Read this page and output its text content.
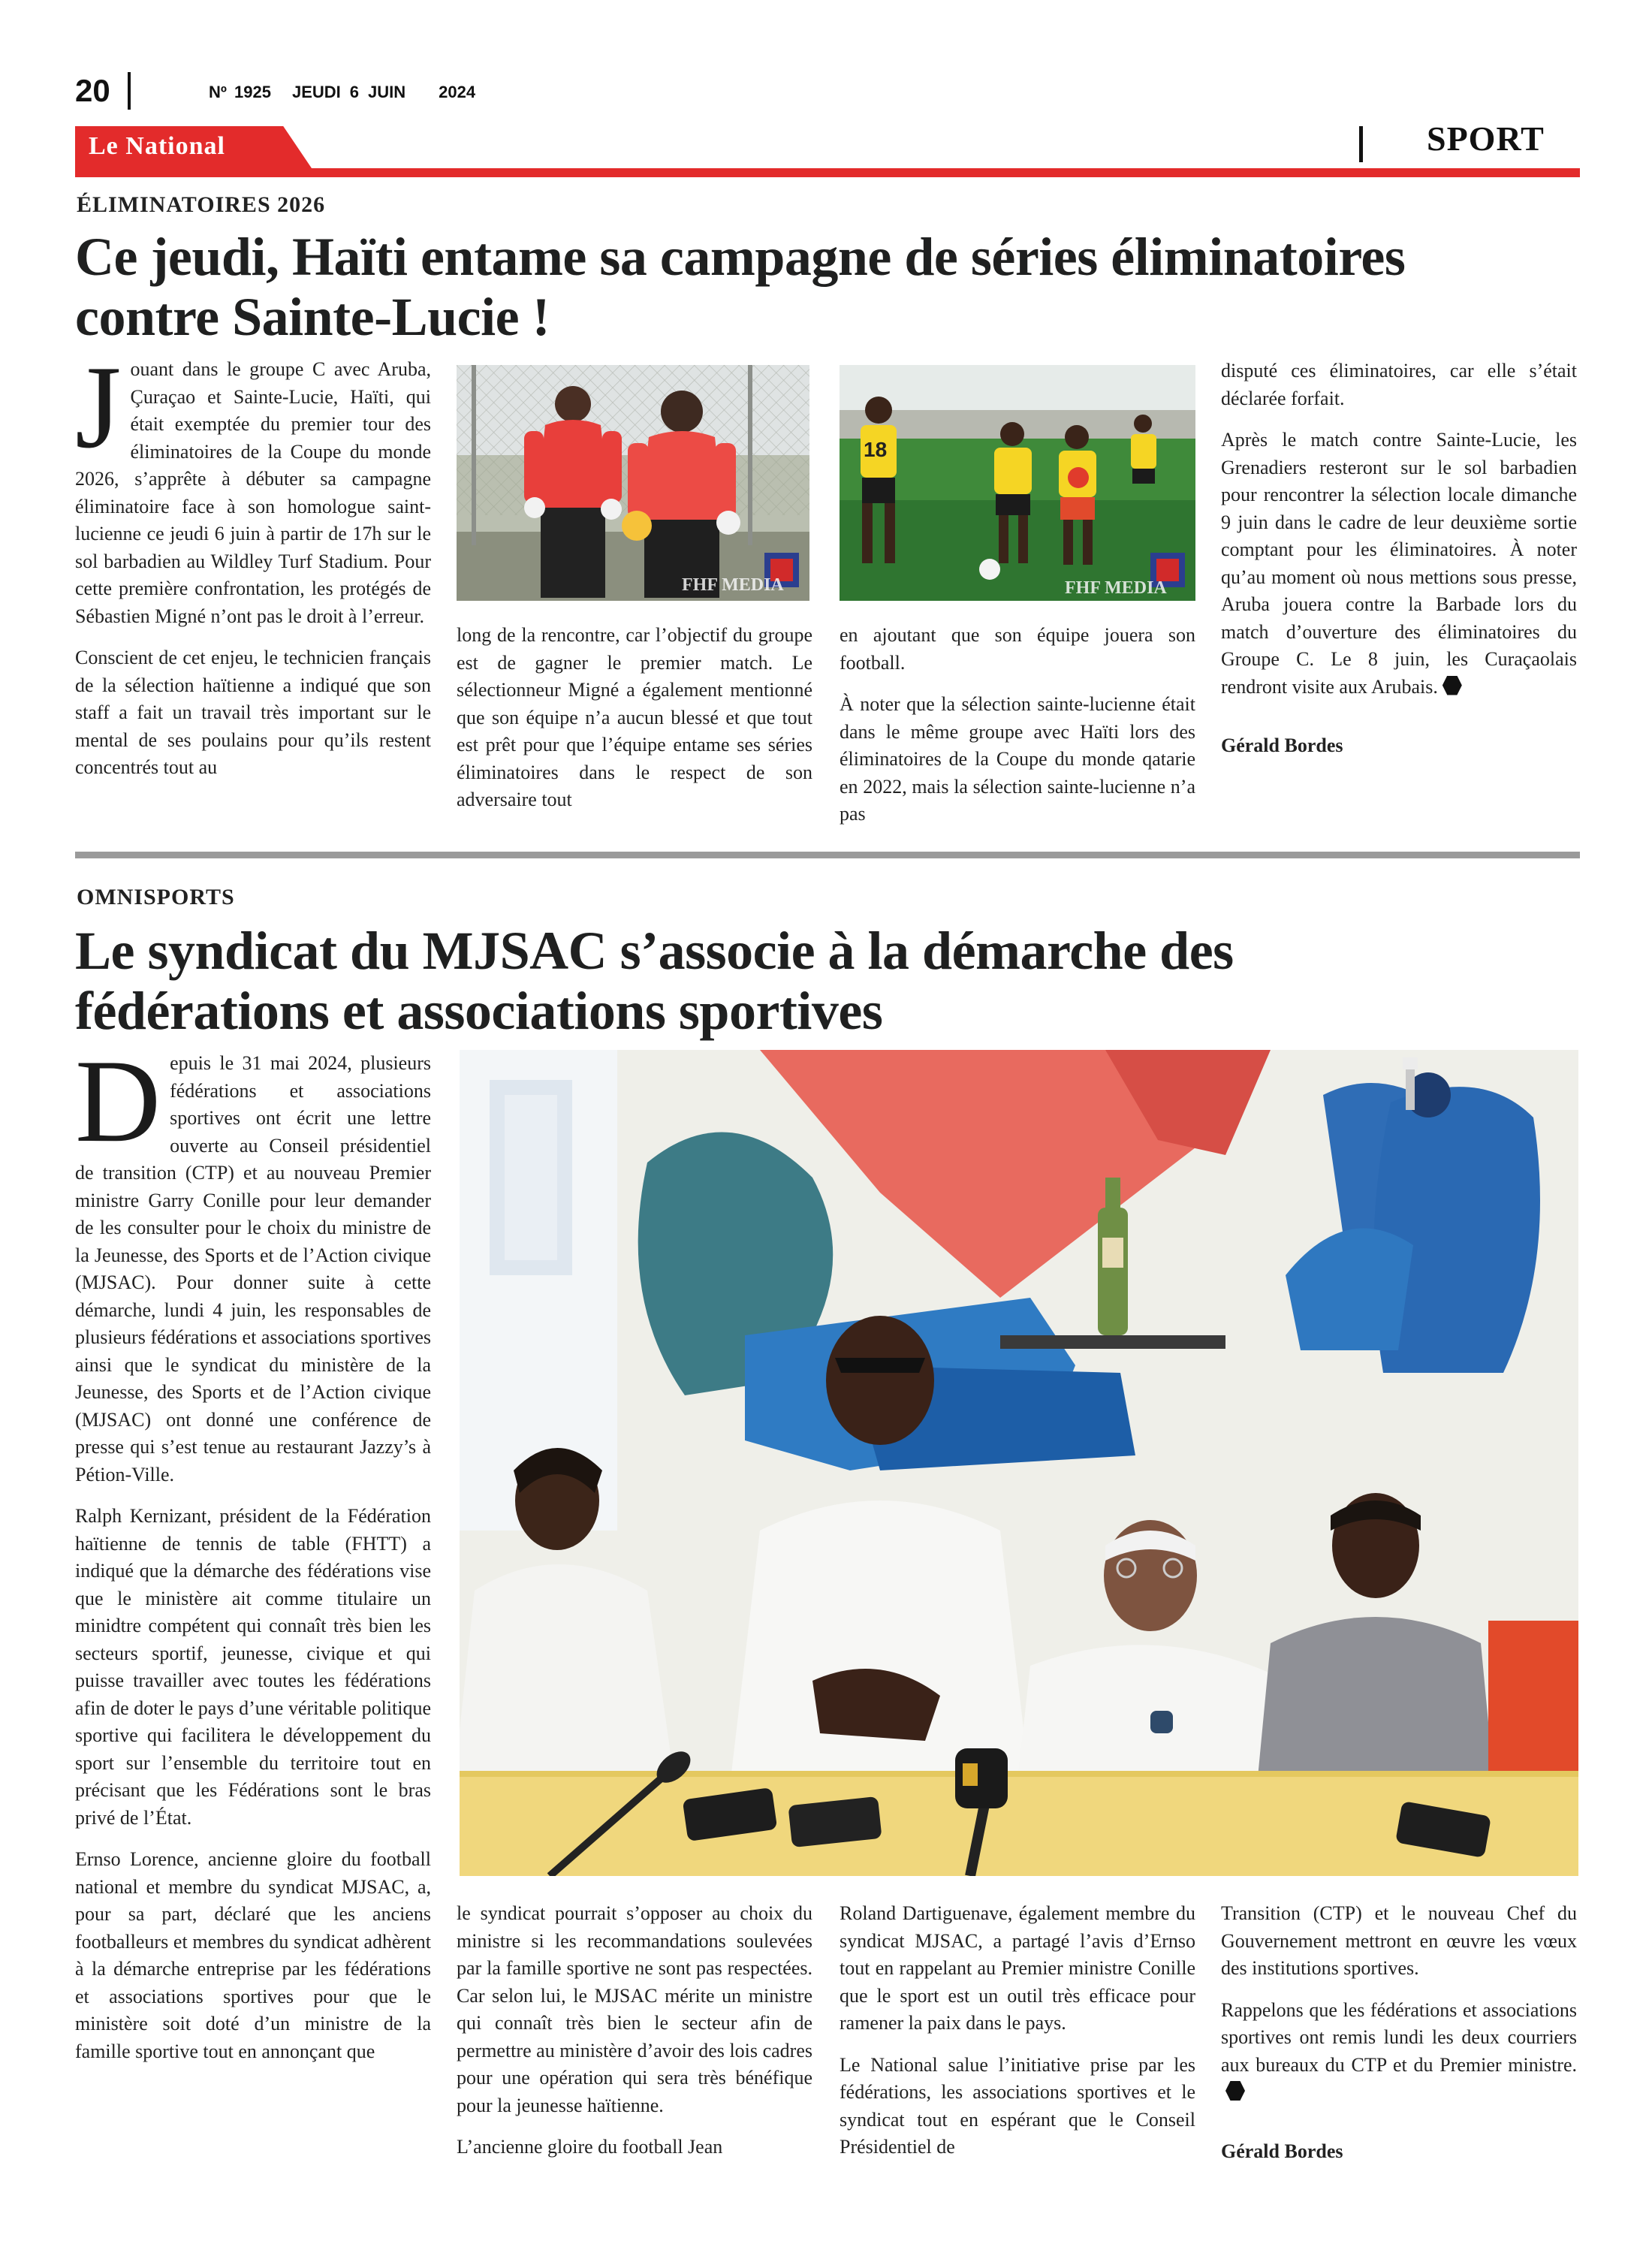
20	Nº 1925 JEUDI 6 JUIN 2024
Le National	SPORT
ÉLIMINATOIRES 2026
Ce jeudi, Haïti entame sa campagne de séries éliminatoires
contre Sainte-Lucie !

Jouant dans le groupe C avec Aruba, Çuraçao et Sainte-Lucie, Haïti, qui était exemptée du premier tour des éliminatoires de la Coupe du monde 2026, s’apprête à débuter sa campagne éliminatoire face à son homologue saint-lucienne ce jeudi 6 juin à partir de 17h sur le sol barbadien au Wildley Turf Stadium. Pour cette première confrontation, les protégés de Sébastien Migné n’ont pas le droit à l’erreur.

Conscient de cet enjeu, le technicien français de la sélection haïtienne a indiqué que son staff a fait un travail très important sur le mental de ses poulains pour qu’ils restent concentrés tout au

FHF MEDIA

long de la rencontre, car l’objectif du groupe est de gagner le premier match. Le sélectionneur Migné a également mentionné que son équipe n’a aucun blessé et que tout est prêt pour que l’équipe entame ses séries éliminatoires dans le respect de son adversaire tout

18
FHF MEDIA

en ajoutant que son équipe jouera son football.

À noter que la sélection sainte-lucienne était dans le même groupe avec Haïti lors des éliminatoires de la Coupe du monde qatarie en 2022, mais la sélection sainte-lucienne n’a pas

disputé ces éliminatoires, car elle s’était déclarée forfait.

Après le match contre Sainte-Lucie, les Grenadiers resteront sur le sol barbadien pour rencontrer la sélection locale dimanche 9 juin dans le cadre de leur deuxième sortie comptant pour les éliminatoires. À noter qu’au moment où nous mettions sous presse, Aruba jouera contre la Barbade lors du match d’ouverture des éliminatoires du Groupe C. Le 8 juin, les Curaçaolais rendront visite aux Arubais.

Gérald Bordes

OMNISPORTS
Le syndicat du MJSAC s’associe à la démarche des
fédérations et associations sportives

Depuis le 31 mai 2024, plusieurs fédérations et associations sportives ont écrit une lettre ouverte au Conseil présidentiel de transition (CTP) et au nouveau Premier ministre Garry Conille pour leur demander de les consulter pour le choix du ministre de la Jeunesse, des Sports et de l’Action civique (MJSAC). Pour donner suite à cette démarche, lundi 4 juin, les responsables de plusieurs fédérations et associations sportives ainsi que le syndicat du ministère de la Jeunesse, des Sports et de l’Action civique (MJSAC) ont donné une conférence de presse qui s’est tenue au restaurant Jazzy’s à Pétion-Ville.

Ralph Kernizant, président de la Fédération haïtienne de tennis de table (FHTT) a indiqué que la démarche des fédérations vise que le ministère ait comme titulaire un minidtre compétent qui connaît très bien les secteurs sportif, jeunesse, civique et qui puisse travailler avec toutes les fédérations afin de doter le pays d’une véritable politique sportive qui facilitera le développement du sport sur l’ensemble du territoire tout en précisant que les Fédérations sont le bras privé de l’État.

Ernso Lorence, ancienne gloire du football national et membre du syndicat MJSAC, a, pour sa part, déclaré que les anciens footballeurs et membres du syndicat adhèrent à la démarche entreprise par les fédérations et associations sportives pour que le ministère soit doté d’un ministre de la famille sportive tout en annonçant que

le syndicat pourrait s’opposer au choix du ministre si les recommandations soulevées par la famille sportive ne sont pas respectées. Car selon lui, le MJSAC mérite un ministre qui connaît très bien le secteur afin de permettre au ministère d’avoir des lois cadres pour une opération qui sera très bénéfique pour la jeunesse haïtienne.

L’ancienne gloire du football Jean

Roland Dartiguenave, également membre du syndicat MJSAC, a partagé l’avis d’Ernso tout en rappelant au Premier ministre Conille que le sport est un outil très efficace pour ramener la paix dans le pays.

Le National salue l’initiative prise par les fédérations, les associations sportives et le syndicat tout en espérant que le Conseil Présidentiel de

Transition (CTP) et le nouveau Chef du Gouvernement mettront en œuvre les vœux des institutions sportives.

Rappelons que les fédérations et associations sportives ont remis lundi les deux courriers aux bureaux du CTP et du Premier ministre.

Gérald Bordes
